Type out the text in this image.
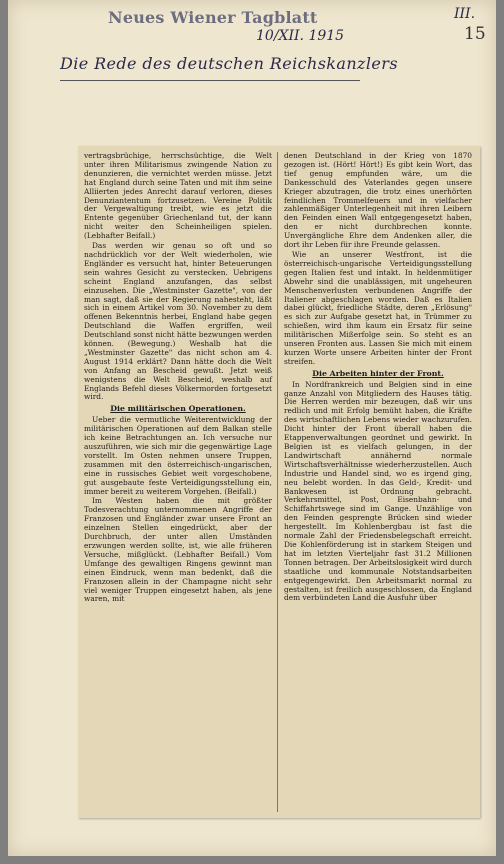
Neues Wiener Tagblatt
10/XII. 1915
III.
15
Die Rede des deutschen Reichskanzlers

vertragsbrüchige, herrschsüchtige, die Welt unter ihren Militarismus zwingende Nation zu denunzieren, die vernichtet werden müsse. Jetzt hat England durch seine Taten und mit ihm seine Alliierten jedes Anrecht darauf verloren, dieses Denunziantentum fortzusetzen. Vereine Politik der Vergewaltigung treibt, wie es jetzt die Entente gegenüber Griechenland tut, der kann nicht weiter den Scheinheiligen spielen. (Lebhafter Beifall.)

Das werden wir genau so oft und so nachdrücklich vor der Welt wiederholen, wie Engländer es versucht hat, hinter Beteuerungen sein wahres Gesicht zu verstecken. Uebrigens scheint England anzufangen, das selbst einzusehen. Die „Westminster Gazette", von der man sagt, daß sie der Regierung nahesteht, läßt sich in einem Artikel vom 30. November zu dem offenen Bekenntnis herbei, England habe gegen Deutschland die Waffen ergriffen, weil Deutschland sonst nicht hätte bezwungen werden können. (Bewegung.) Weshalb hat die „Westminster Gazette" das nicht schon am 4. August 1914 erklärt? Dann hätte doch die Welt von Anfang an Bescheid gewußt. Jetzt weiß wenigstens die Welt Bescheid, weshalb auf Englands Befehl dieses Völkermorden fortgesetzt wird.

Die militärischen Operationen.

Ueber die vermutliche Weiterentwicklung der militärischen Operationen auf dem Balkan stelle ich keine Betrachtungen an. Ich versuche nur auszuführen, wie sich mir die gegenwärtige Lage vorstellt. Im Osten nehmen unsere Truppen, zusammen mit den österreichisch-ungarischen, eine in russisches Gebiet weit vorgeschobene, gut ausgebaute feste Verteidigungsstellung ein, immer bereit zu weiterem Vorgehen. (Beifall.)

Im Westen haben die mit größter Todesverachtung unternommenen Angriffe der Franzosen und Engländer zwar unsere Front an einzelnen Stellen eingedrückt, aber der Durchbruch, der unter allen Umständen erzwungen werden sollte, ist, wie alle früheren Versuche, mißglückt. (Lebhafter Beifall.) Vom Umfange des gewaltigen Ringens gewinnt man einen Eindruck, wenn man bedenkt, daß die Franzosen allein in der Champagne nicht sehr viel weniger Truppen eingesetzt haben, als jene waren, mit

denen Deutschland in der Krieg von 1870 gezogen ist. (Hört! Hört!) Es gibt kein Wort, das tief genug empfunden wäre, um die Dankesschuld des Vaterlandes gegen unsere Krieger abzutragen, die trotz eines unerhörten feindlichen Trommelfeuers und in vielfacher zahlenmäßiger Unterlegenheit mit ihren Leibern den Feinden einen Wall entgegengesetzt haben, den er nicht durchbrechen konnte. Unvergängliche Ehre dem Andenken aller, die dort ihr Leben für ihre Freunde gelassen.

Wie an unserer Westfront, ist die österreichisch-ungarische Verteidigungsstellung gegen Italien fest und intakt. In heldenmütiger Abwehr sind die unablässigen, mit ungeheuren Menschenverlusten verbundenen Angriffe der Italiener abgeschlagen worden. Daß es Italien dabei glückt, friedliche Städte, deren „Erlösung" es sich zur Aufgabe gesetzt hat, in Trümmer zu schießen, wird ihm kaum ein Ersatz für seine militärischen Mißerfolge sein. So steht es an unseren Fronten aus. Lassen Sie mich mit einem kurzen Worte unsere Arbeiten hinter der Front streifen.

Die Arbeiten hinter der Front.

In Nordfrankreich und Belgien sind in eine ganze Anzahl von Mitgliedern des Hauses tätig. Die Herren werden mir bezeugen, daß wir uns redlich und mit Erfolg bemüht haben, die Kräfte des wirtschaftlichen Lebens wieder wachzurufen. Dicht hinter der Front überall haben die Etappenverwaltungen geordnet und gewirkt. In Belgien ist es vielfach gelungen, in der Landwirtschaft annähernd normale Wirtschaftsverhältnisse wiederherzustellen. Auch Industrie und Handel sind, wo es irgend ging, neu belebt worden. In das Geld-, Kredit- und Bankwesen ist Ordnung gebracht. Verkehrsmittel, Post, Eisenbahn- und Schiffahrtswege sind im Gange. Unzählige von den Feinden gesprengte Brücken sind wieder hergestellt. Im Kohlenbergbau ist fast die normale Zahl der Friedensbelegschaft erreicht. Die Kohlenförderung ist in starkem Steigen und hat im letzten Vierteljahr fast 31.2 Millionen Tonnen betragen. Der Arbeitslosigkeit wird durch staatliche und kommunale Notstandsarbeiten entgegengewirkt. Den Arbeitsmarkt normal zu gestalten, ist freilich ausgeschlossen, da England dem verbündeten Land die Ausfuhr über
